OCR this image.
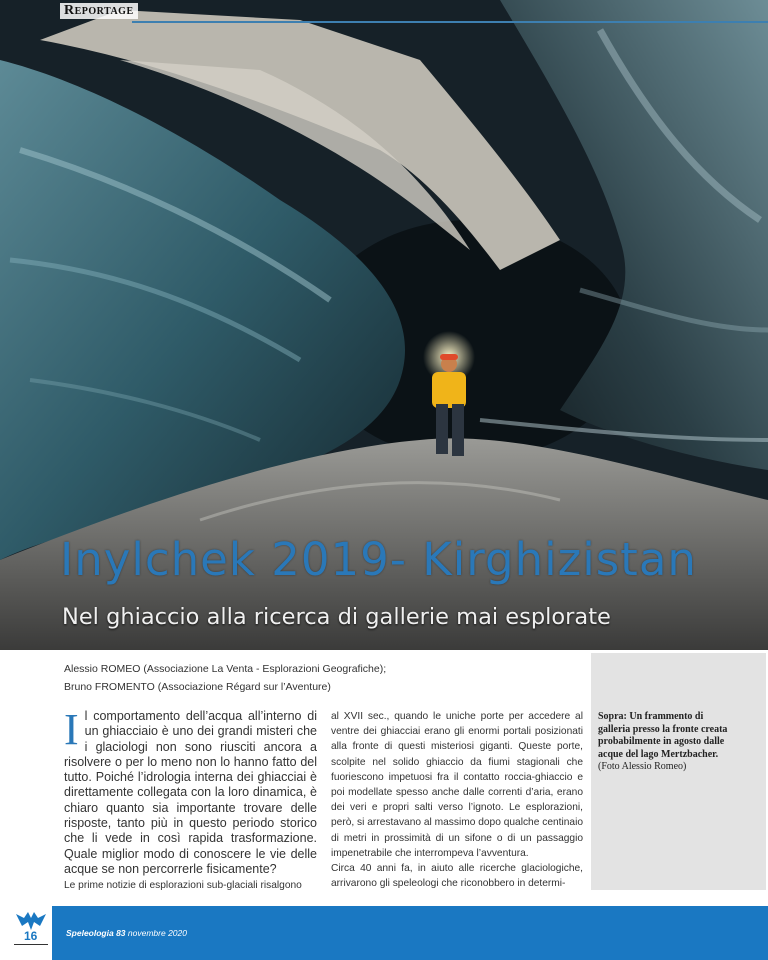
Reportage
Inylchek 2019- Kirghizistan
Nel ghiaccio alla ricerca di gallerie mai esplorate
Alessio ROMEO (Associazione La Venta - Esplorazioni Geografiche);
Bruno FROMENTO (Associazione Régard sur l’Aventure)

Il comportamento dell’acqua all’interno di un ghiacciaio è uno dei grandi misteri che i glaciologi non sono riusciti ancora a risolvere o per lo meno non lo hanno fatto del tutto. Poiché l’idrologia interna dei ghiacciai è direttamente collegata con la loro dinamica, è chiaro quanto sia importante trovare delle risposte, tanto più in questo periodo storico che li vede in così rapida trasformazione. Quale miglior modo di conoscere le vie delle acque se non percorrerle fisicamente?
Le prime notizie di esplorazioni sub-glaciali risalgono

al XVII sec., quando le uniche porte per accedere al ventre dei ghiacciai erano gli enormi portali posizionati alla fronte di questi misteriosi giganti. Queste porte, scolpite nel solido ghiaccio da fiumi stagionali che fuoriescono impetuosi fra il contatto roccia-ghiaccio e poi modellate spesso anche dalle correnti d’aria, erano dei veri e propri salti verso l’ignoto. Le esplorazioni, però, si arrestavano al massimo dopo qualche centinaio di metri in prossimità di un sifone o di un passaggio impenetrabile che interrompeva l’avventura.

Circa 40 anni fa, in aiuto alle ricerche glaciologiche, arrivarono gli speleologi che riconobbero in determi-

Sopra: Un frammento di galleria presso la fronte creata probabilmente in agosto dalle acque del lago Mertzbacher.
(Foto Alessio Romeo)
16	Speleologia 83 novembre 2020
